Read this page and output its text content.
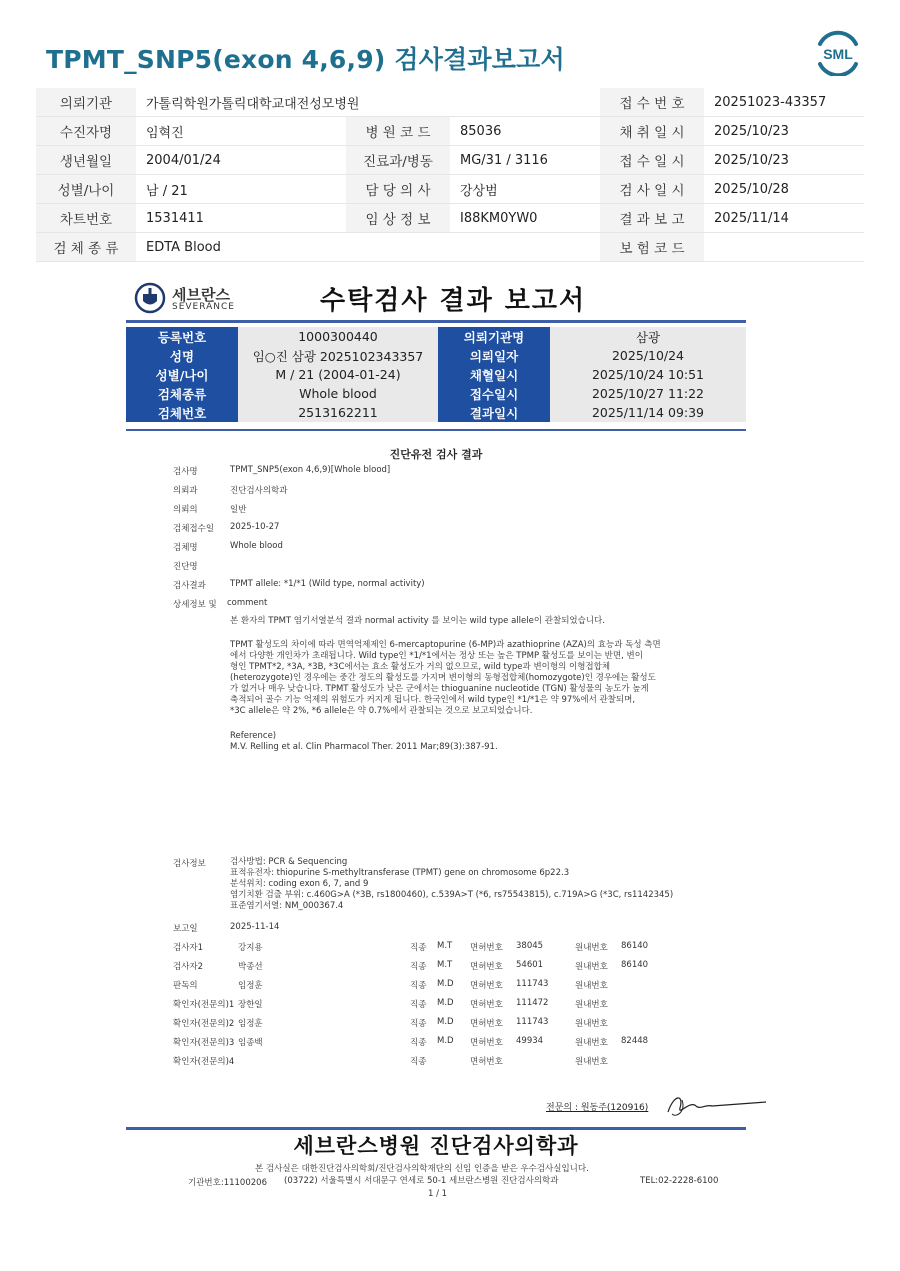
TPMT_SNP5(exon 4,6,9) 검사결과보고서	SML
의뢰기관	가톨릭학원가톨릭대학교대전성모병원			접 수 번 호	20251023-43357
수진자명	임혁진	병 원 코 드	85036	채 취 일 시	2025/10/23
생년월일	2004/01/24	진료과/병동	MG/31 / 3116	접 수 일 시	2025/10/23
성별/나이	남 / 21	담 당 의 사	강상범	검 사 일 시	2025/10/28
차트번호	1531411	임 상 정 보	I88KM0YW0	결 과 보 고	2025/11/14
검 체 종 류	EDTA Blood			보 험 코 드	
세브란스
SEVERANCE	수탁검사 결과 보고서
등록번호	1000300440	의뢰기관명	삼광
성명	임○진 삼광 2025102343357	의뢰일자	2025/10/24
성별/나이	M / 21 (2004-01-24)	채혈일시	2025/10/24 10:51
검체종류	Whole blood	접수일시	2025/10/27 11:22
검체번호	2513162211	결과일시	2025/11/14 09:39
진단유전 검사 결과
검사명	TPMT_SNP5(exon 4,6,9)[Whole blood]
의뢰과	진단검사의학과
의뢰의	일반
검체접수일 2025-10-27
검체명	Whole blood
진단명
검사결과	TPMT allele: *1/*1 (Wild type, normal activity)
상세정보 및 comment
본 환자의 TPMT 염기서열분석 결과 normal activity 를 보이는 wild type allele이 관찰되었습니다.
TPMT 활성도의 차이에 따라 면역억제제인 6-mercaptopurine (6-MP)과 azathioprine (AZA)의 효능과 독성 측면
에서 다양한 개인차가 초래됩니다. Wild type인 *1/*1에서는 정상 또는 높은 TPMP 활성도를 보이는 반면, 변이
형인 TPMT*2, *3A, *3B, *3C에서는 효소 활성도가 거의 없으므로, wild type과 변이형의 이형접합체
(heterozygote)인 경우에는 중간 정도의 활성도를 가지며 변이형의 동형접합체(homozygote)인 경우에는 활성도
가 없거나 매우 낮습니다. TPMT 활성도가 낮은 군에서는 thioguanine nucleotide (TGN) 활성물의 농도가 높게
축적되어 골수 기능 억제의 위험도가 커지게 됩니다. 한국인에서 wild type인 *1/*1은 약 97%에서 관찰되며,
*3C allele은 약 2%, *6 allele은 약 0.7%에서 관찰되는 것으로 보고되었습니다.
Reference)
M.V. Relling et al. Clin Pharmacol Ther. 2011 Mar;89(3):387-91.
검사정보	검사방법: PCR & Sequencing
표적유전자: thiopurine S-methyltransferase (TPMT) gene on chromosome 6p22.3
분석위치: coding exon 6, 7, and 9
염기치환 검출 부위: c.460G>A (*3B, rs1800460), c.539A>T (*6, rs75543815), c.719A>G (*3C, rs1142345)
표준염기서열: NM_000367.4
보고일	2025-11-14
검사자1	강지용	직종 M.T 면허번호 38045	원내번호 86140
검사자2	박종선	직종 M.T 면허번호 54601	원내번호 86140
판독의	임정훈	직종 M.D 면허번호 111743	원내번호
확인자(전문의)1 장한일	직종 M.D 면허번호 111472	원내번호
확인자(전문의)2 임정훈	직종 M.D 면허번호 111743	원내번호
확인자(전문의)3 임종백	직종 M.D 면허번호 49934	원내번호 82448
확인자(전문의)4	직종	면허번호	원내번호
전문의 : 원동주(120916)
세브란스병원 진단검사의학과
본 검사실은 대한진단검사의학회/진단검사의학재단의 신임 인증을 받은 우수검사실입니다.
기관번호:11100206 (03722) 서울특별시 서대문구 연세로 50-1 세브란스병원 진단검사의학과	TEL:02-2228-6100
1 / 1
